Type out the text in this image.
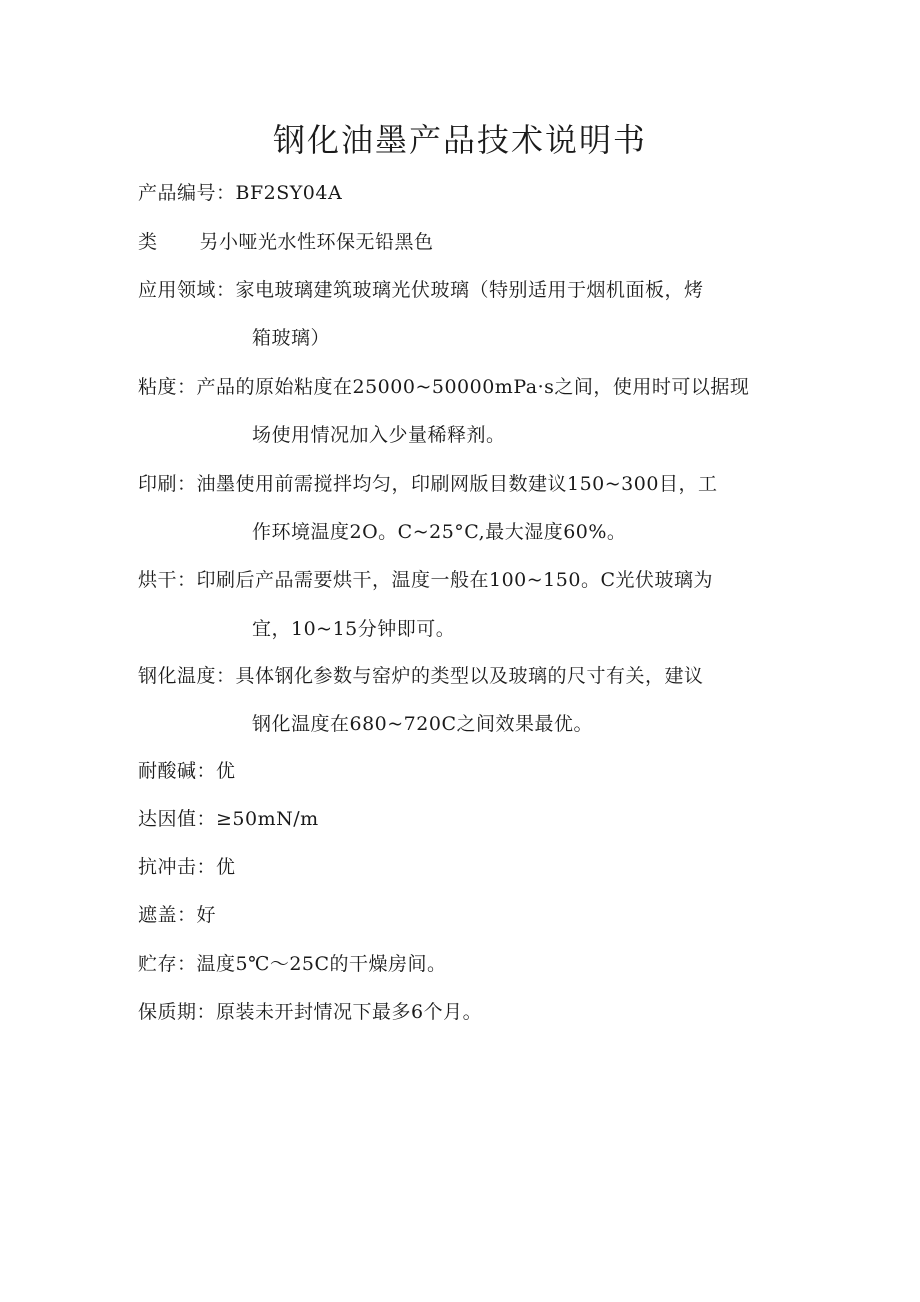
钢化油墨产品技术说明书
产品编号：BF2SY04A
类 另小哑光水性环保无铅黑色
应用领域：家电玻璃建筑玻璃光伏玻璃（特别适用于烟机面板，烤
箱玻璃）
粘度：产品的原始粘度在25000~50000mPa·s之间，使用时可以据现
场使用情况加入少量稀释剂。
印刷：油墨使用前需搅拌均匀，印刷网版目数建议150~300目，工
作环境温度2O。C~25°C,最大湿度60%。
烘干：印刷后产品需要烘干，温度一般在100~150。C光伏玻璃为
宜，10~15分钟即可。
钢化温度：具体钢化参数与窑炉的类型以及玻璃的尺寸有关，建议
钢化温度在680~720C之间效果最优。
耐酸碱：优
达因值：≥50mN∕m
抗冲击：优
遮盖：好
贮存：温度5℃～25C的干燥房间。
保质期：原装未开封情况下最多6个月。
